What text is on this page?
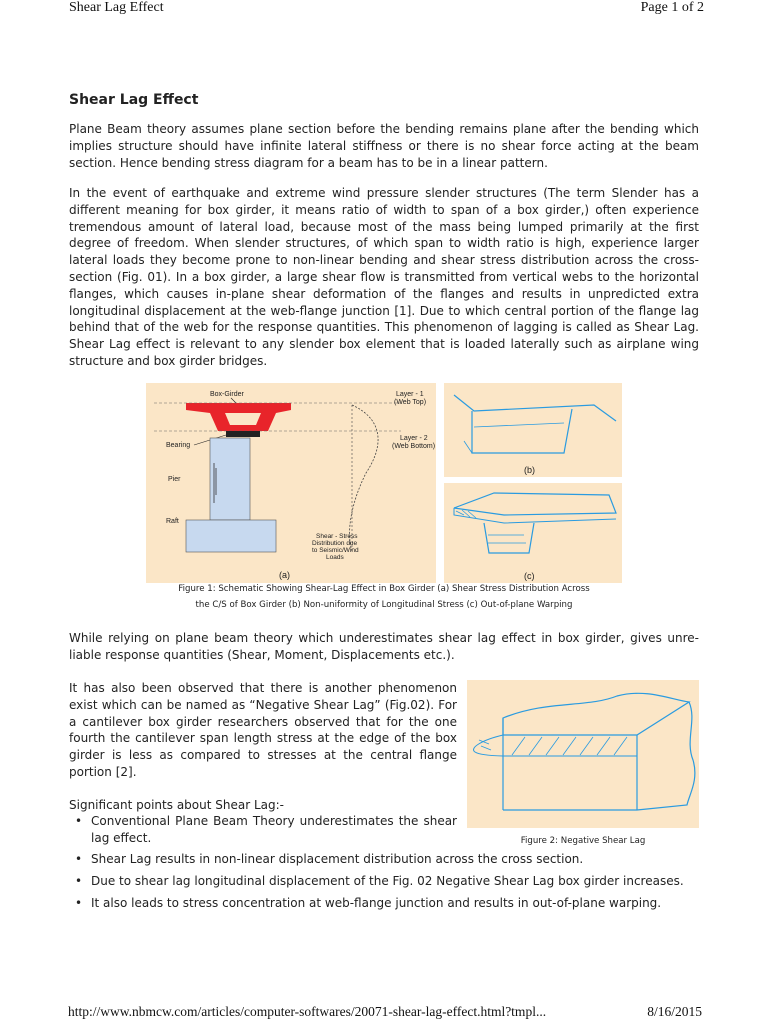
Shear Lag Effect	Page 1 of 2
Shear Lag Effect

Plane Beam theory assumes plane section before the bending remains plane after the bending which implies structure should have infinite lateral stiffness or there is no shear force acting at the beam section. Hence bending stress diagram for a beam has to be in a linear pattern.

In the event of earthquake and extreme wind pressure slender structures (The term Slender has a different meaning for box girder, it means ratio of width to span of a box girder,) often experience tremendous amount of lateral load, because most of the mass being lumped primarily at the first degree of freedom. When slender structures, of which span to width ratio is high, experience larger lateral loads they become prone to non-linear bending and shear stress distribution across the cross-section (Fig. 01). In a box girder, a large shear flow is transmitted from vertical webs to the horizontal flanges, which causes in-plane shear deformation of the flanges and results in unpredicted extra longitudinal displacement at the web-flange junction [1]. Due to which central portion of the flange lag behind that of the web for the response quantities. This phenomenon of lagging is called as Shear Lag. Shear Lag effect is relevant to any slender box element that is loaded laterally such as airplane wing structure and box girder bridges.

Box-Girder
Bearing
Pier
Raft
Layer - 1
(Web Top)
Layer - 2
(Web Bottom)
Shear - Stress
Distribution due
to Seismic/Wind
Loads
(a)
(b)
(c)
Figure 1: Schematic Showing Shear-Lag Effect in Box Girder (a) Shear Stress Distribution Across
the C/S of Box Girder (b) Non-uniformity of Longitudinal Stress (c) Out-of-plane Warping

While relying on plane beam theory which underestimates shear lag effect in box girder, gives unre- liable response quantities (Shear, Moment, Displacements etc.).

It has also been observed that there is another phenomenon exist which can be named as “Negative Shear Lag” (Fig.02). For a cantilever box girder researchers observed that for the one fourth the cantilever span length stress at the edge of the box girder is less as compared to stresses at the central flange portion [2].

Figure 2: Negative Shear Lag
Significant points about Shear Lag:-
• Conventional Plane Beam Theory underestimates the shear lag effect.
• Shear Lag results in non-linear displacement distribution across the cross section.
• Due to shear lag longitudinal displacement of the Fig. 02 Negative Shear Lag box girder increases.
• It also leads to stress concentration at web-flange junction and results in out-of-plane warping.
http://www.nbmcw.com/articles/computer-softwares/20071-shear-lag-effect.html?tmpl...	8/16/2015
